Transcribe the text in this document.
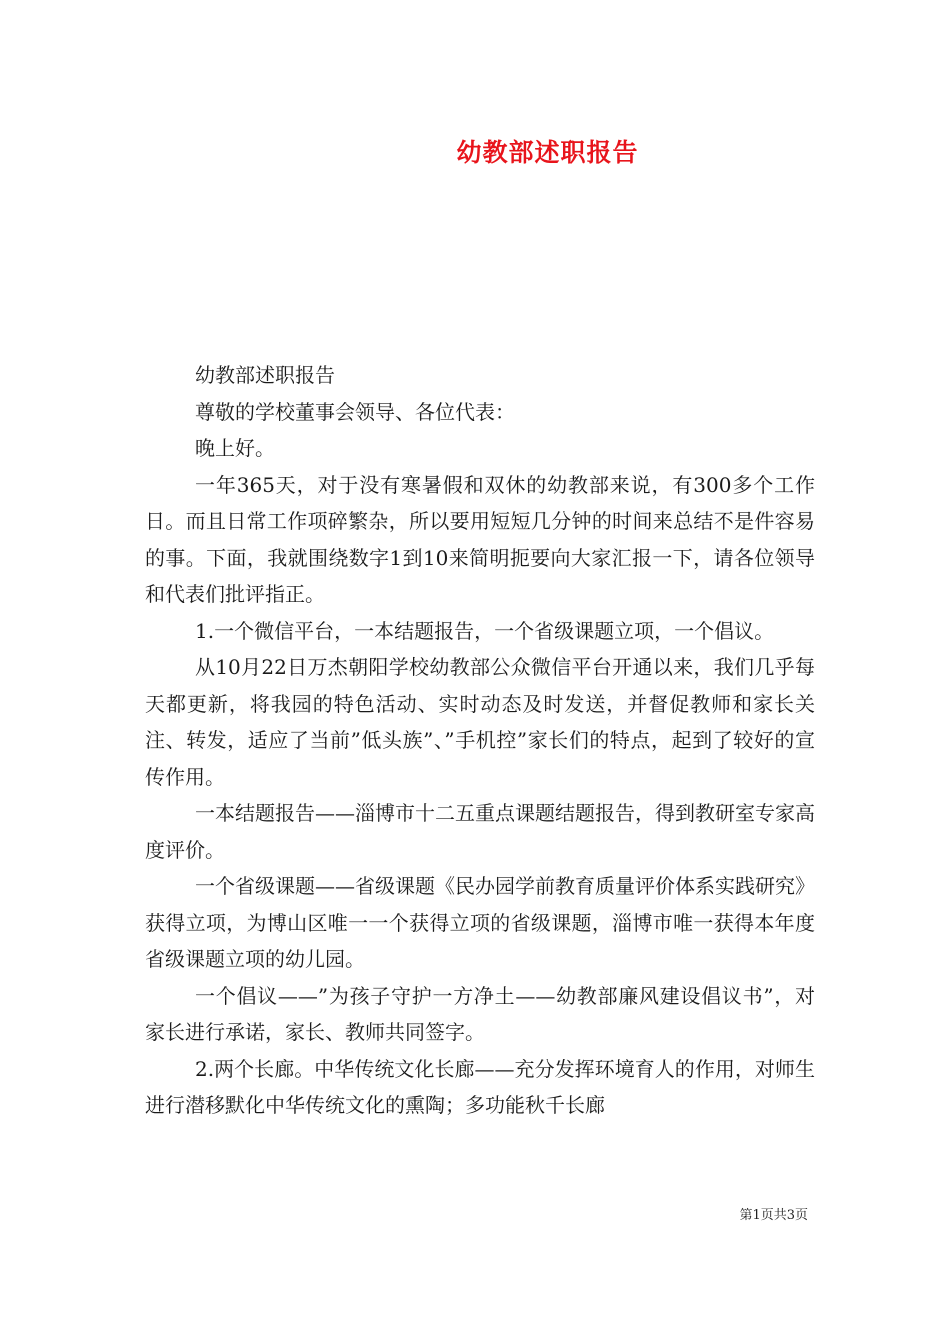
幼教部述职报告

幼教部述职报告

尊敬的学校董事会领导、各位代表：

晚上好。

一年365天，对于没有寒暑假和双休的幼教部来说，有300多个工作日。而且日常工作项碎繁杂，所以要用短短几分钟的时间来总结不是件容易的事。下面，我就围绕数字1到10来简明扼要向大家汇报一下，请各位领导和代表们批评指正。

1.一个微信平台，一本结题报告，一个省级课题立项，一个倡议。

从10月22日万杰朝阳学校幼教部公众微信平台开通以来，我们几乎每天都更新，将我园的特色活动、实时动态及时发送，并督促教师和家长关注、转发，适应了当前”低头族”、”手机控”家长们的特点，起到了较好的宣传作用。

一本结题报告——淄博市十二五重点课题结题报告，得到教研室专家高度评价。

一个省级课题——省级课题《民办园学前教育质量评价体系实践研究》获得立项，为博山区唯一一个获得立项的省级课题，淄博市唯一获得本年度省级课题立项的幼儿园。

一个倡议——”为孩子守护一方净土——幼教部廉风建设倡议书”，对家长进行承诺，家长、教师共同签字。

2.两个长廊。中华传统文化长廊——充分发挥环境育人的作用，对师生进行潜移默化中华传统文化的熏陶；多功能秋千长廊

第1页共3页
